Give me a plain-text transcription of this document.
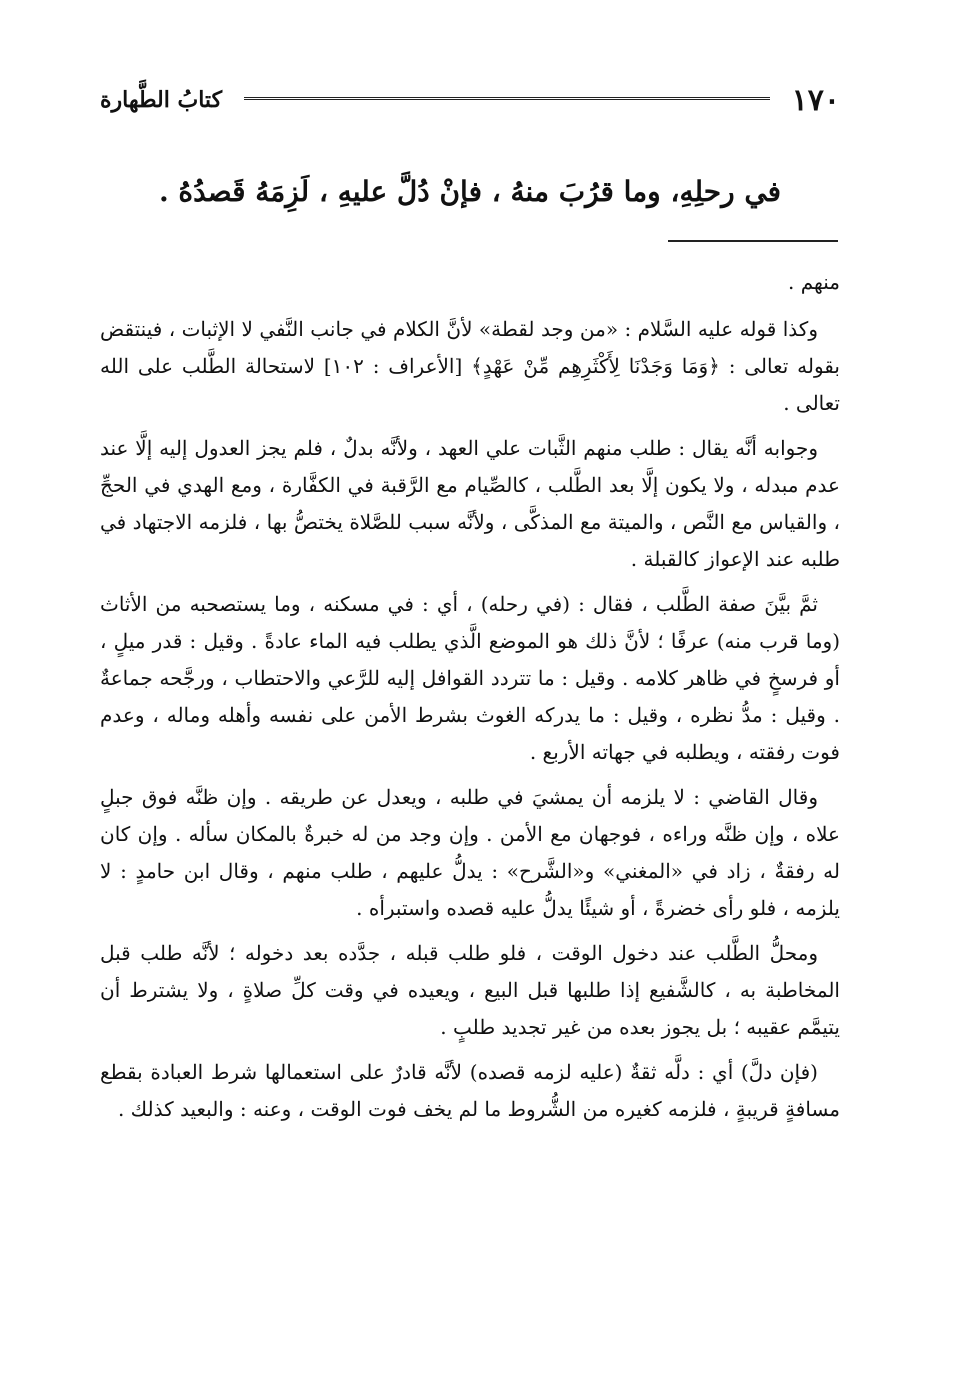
١٧٠
كتابُ الطَّهارة
في رحلِهِ، وما قرُبَ منهُ ، فإنْ دُلَّ عليهِ ، لَزِمَهُ قَصدُهُ .

منهم .

وكذا قوله عليه السَّلام : «من وجد لقطة» لأنَّ الكلام في جانب النَّفي لا الإثبات ، فينتقض بقوله تعالى : ﴿وَمَا وَجَدْنَا لِأَكْثَرِهِم مِّنْ عَهْدٍ﴾ [الأعراف : ١٠٢] لاستحالة الطَّلب على الله تعالى .

وجوابه أنَّه يقال : طلب منهم الثَّبات علي العهد ، ولأنَّه بدلٌ ، فلم يجز العدول إليه إلَّا عند عدم مبدله ، ولا يكون إلَّا بعد الطَّلب ، كالصِّيام مع الرَّقبة في الكفَّارة ، ومع الهدي في الحجِّ ، والقياس مع النَّص ، والميتة مع المذكَّى ، ولأنَّه سبب للصَّلاة يختصُّ بها ، فلزمه الاجتهاد في طلبه عند الإعواز كالقبلة .

ثمَّ بيَّنَ صفة الطَّلب ، فقال : (في رحله) ، أي : في مسكنه ، وما يستصحبه من الأثاث (وما قرب منه) عرفًا ؛ لأنَّ ذلك هو الموضع الَّذي يطلب فيه الماء عادةً . وقيل : قدر ميلٍ ، أو فرسخٍ في ظاهر كلامه . وقيل : ما تتردد القوافل إليه للرَّعي والاحتطاب ، ورجَّحه جماعةٌ . وقيل : مدُّ نظره ، وقيل : ما يدركه الغوث بشرط الأمن على نفسه وأهله وماله ، وعدم فوت رفقته ، ويطلبه في جهاته الأربع .

وقال القاضي : لا يلزمه أن يمشيَ في طلبه ، ويعدل عن طريقه . وإن ظنَّه فوق جبلٍ علاه ، وإن ظنَّه وراءه ، فوجهان مع الأمن . وإن وجد من له خبرةٌ بالمكان سأله . وإن كان له رفقةٌ ، زاد في «المغني» و«الشَّرح» : يدلُّ عليهم ، طلب منهم ، وقال ابن حامدٍ : لا يلزمه ، فلو رأى خضرةً ، أو شيئًا يدلُّ عليه قصده واستبرأه .

ومحلُّ الطَّلب عند دخول الوقت ، فلو طلب قبله ، جدَّده بعد دخوله ؛ لأنَّه طلب قبل المخاطبة به ، كالشَّفيع إذا طلبها قبل البيع ، ويعيده في وقت كلِّ صلاةٍ ، ولا يشترط أن يتيمَّم عقيبه ؛ بل يجوز بعده من غير تجديد طلبٍ .

(فإن دلَّ) أي : دلَّه ثقةٌ (عليه لزمه قصده) لأنَّه قادرٌ على استعمالها شرط العبادة بقطع مسافةٍ قريبةٍ ، فلزمه كغيره من الشُّروط ما لم يخف فوت الوقت ، وعنه : والبعيد كذلك .
